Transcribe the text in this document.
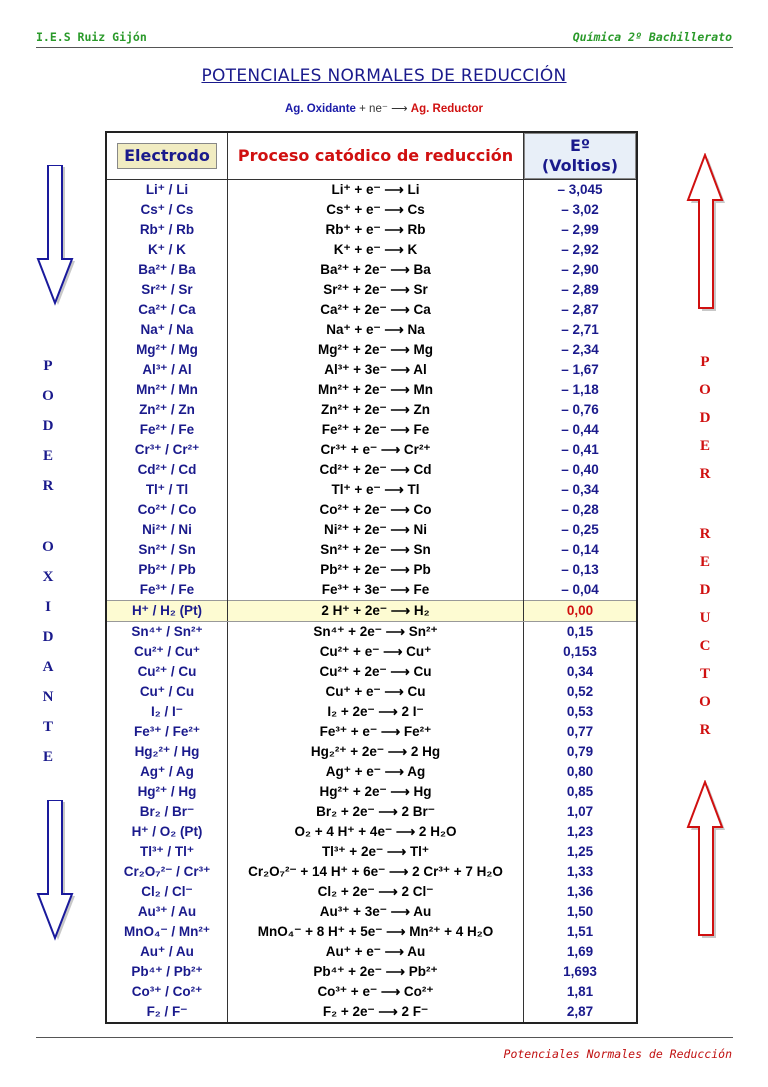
I.E.S Ruiz Gijón	Química 2º Bachillerato
POTENCIALES NORMALES DE REDUCCIÓN
Ag. Oxidante + ne⁻ ⟶ Ag. Reductor
Electrodo	Proceso catódico de reducción	Eº (Voltios)
Li⁺ / Li	Li⁺ + e⁻ ⟶ Li	– 3,045
Cs⁺ / Cs	Cs⁺ + e⁻ ⟶ Cs	– 3,02
Rb⁺ / Rb	Rb⁺ + e⁻ ⟶ Rb	– 2,99
K⁺ / K	K⁺ + e⁻ ⟶ K	– 2,92
Ba²⁺ / Ba	Ba²⁺ + 2e⁻ ⟶ Ba	– 2,90
Sr²⁺ / Sr	Sr²⁺ + 2e⁻ ⟶ Sr	– 2,89
Ca²⁺ / Ca	Ca²⁺ + 2e⁻ ⟶ Ca	– 2,87
Na⁺ / Na	Na⁺ + e⁻ ⟶ Na	– 2,71
Mg²⁺ / Mg	Mg²⁺ + 2e⁻ ⟶ Mg	– 2,34
Al³⁺ / Al	Al³⁺ + 3e⁻ ⟶ Al	– 1,67
Mn²⁺ / Mn	Mn²⁺ + 2e⁻ ⟶ Mn	– 1,18
Zn²⁺ / Zn	Zn²⁺ + 2e⁻ ⟶ Zn	– 0,76
Fe²⁺ / Fe	Fe²⁺ + 2e⁻ ⟶ Fe	– 0,44
Cr³⁺ / Cr²⁺	Cr³⁺ + e⁻ ⟶ Cr²⁺	– 0,41
Cd²⁺ / Cd	Cd²⁺ + 2e⁻ ⟶ Cd	– 0,40
Tl⁺ / Tl	Tl⁺ + e⁻ ⟶ Tl	– 0,34
Co²⁺ / Co	Co²⁺ + 2e⁻ ⟶ Co	– 0,28
Ni²⁺ / Ni	Ni²⁺ + 2e⁻ ⟶ Ni	– 0,25
Sn²⁺ / Sn	Sn²⁺ + 2e⁻ ⟶ Sn	– 0,14
Pb²⁺ / Pb	Pb²⁺ + 2e⁻ ⟶ Pb	– 0,13
Fe³⁺ / Fe	Fe³⁺ + 3e⁻ ⟶ Fe	– 0,04
H⁺ / H₂ (Pt)	2 H⁺ + 2e⁻ ⟶ H₂	0,00
Sn⁴⁺ / Sn²⁺	Sn⁴⁺ + 2e⁻ ⟶ Sn²⁺	0,15
Cu²⁺ / Cu⁺	Cu²⁺ + e⁻ ⟶ Cu⁺	0,153
Cu²⁺ / Cu	Cu²⁺ + 2e⁻ ⟶ Cu	0,34
Cu⁺ / Cu	Cu⁺ + e⁻ ⟶ Cu	0,52
I₂ / I⁻	I₂ + 2e⁻ ⟶ 2 I⁻	0,53
Fe³⁺ / Fe²⁺	Fe³⁺ + e⁻ ⟶ Fe²⁺	0,77
Hg₂²⁺ / Hg	Hg₂²⁺ + 2e⁻ ⟶ 2 Hg	0,79
Ag⁺ / Ag	Ag⁺ + e⁻ ⟶ Ag	0,80
Hg²⁺ / Hg	Hg²⁺ + 2e⁻ ⟶ Hg	0,85
Br₂ / Br⁻	Br₂ + 2e⁻ ⟶ 2 Br⁻	1,07
H⁺ / O₂ (Pt)	O₂ + 4 H⁺ + 4e⁻ ⟶ 2 H₂O	1,23
Tl³⁺ / Tl⁺	Tl³⁺ + 2e⁻ ⟶ Tl⁺	1,25
Cr₂O₇²⁻ / Cr³⁺	Cr₂O₇²⁻ + 14 H⁺ + 6e⁻ ⟶ 2 Cr³⁺ + 7 H₂O	1,33
Cl₂ / Cl⁻	Cl₂ + 2e⁻ ⟶ 2 Cl⁻	1,36
Au³⁺ / Au	Au³⁺ + 3e⁻ ⟶ Au	1,50
MnO₄⁻ / Mn²⁺	MnO₄⁻ + 8 H⁺ + 5e⁻ ⟶ Mn²⁺ + 4 H₂O	1,51
Au⁺ / Au	Au⁺ + e⁻ ⟶ Au	1,69
Pb⁴⁺ / Pb²⁺	Pb⁴⁺ + 2e⁻ ⟶ Pb²⁺	1,693
Co³⁺ / Co²⁺	Co³⁺ + e⁻ ⟶ Co²⁺	1,81
F₂ / F⁻	F₂ + 2e⁻ ⟶ 2 F⁻	2,87
P
O
D
E
R
O
X
I
D
A
N
T
E
P
O
D
E
R
R
E
D
U
C
T
O
R
Potenciales Normales de Reducción
